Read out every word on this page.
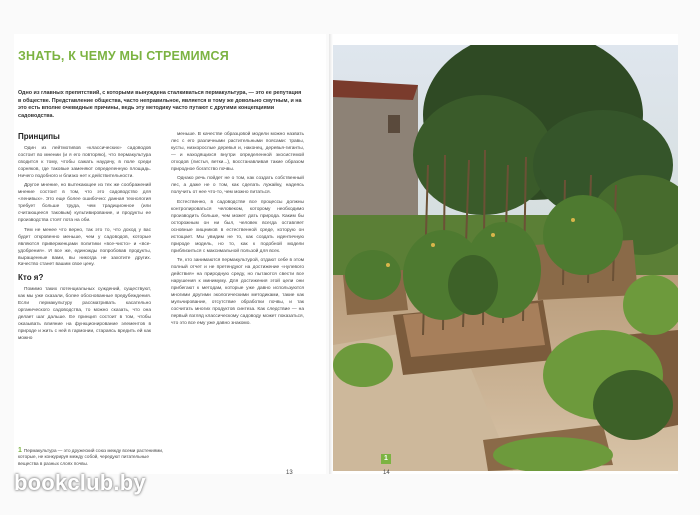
ЗНАТЬ, К ЧЕМУ МЫ СТРЕМИМСЯ
Одно из главных препятствий, с которыми вынуждена сталкиваться пермакультура, — это ее репутация в обществе. Представление общества, часто неправильное, является в тому же довольно смутным, и на это есть вполне очевидные причины, ведь эту методику часто путают с другими концепциями садоводства.
Принципы

Один из лейтмотивов «классических» садоводов состоит во мнении (и я его повторяю), что пермакультура сводится к тому, чтобы сажать наудачу, в поле среди сорняков, где таковые заменяют определенную площадь. Ничего подобного и близко нет к действительности.

Другое мнение, но вытекающее из тех же соображений мнение состоит в том, что это садоводство для «ленивых». Это еще более ошибочно: данная технология требует больше труда, чем традиционное (или считающееся таковым) культивирование, и продукты ее производства стоят пота на оби.

Тем не менее что верно, так это то, что доход у вас будет откровенно меньше, чем у садоводов, которые являются приверженцами политики «все-чисто» и «все-удобрения». И все же, единожды попробовав продукты, выращенные вами, вы никогда не захотите других. Качество станет вашим свое цену.

Кто я?

Помимо таких потенциальных суждений, существуют, как мы уже сказали, более обоснованные предубеждения. Если пермакультуру рассматривать касательно органического садоводства, то можно сказать, что она делает шаг дальше. Ее принцип состоит в том, чтобы оказывать влияние на функционирование элементов в природе и жить с ней в гармонии, стараясь вредить ей как можно

меньше. В качестве образцовой модели можно назвать лес с его различными растительными поясами: травы, кусты, низкорослые деревья и, наконец, деревья-гиганты, — и находящихся внутри определенной экосистемой отходов (листья, ветки...), восстанавливая такие образом природное богатство почвы.

Однако речь пойдет не о том, как создать собственный лес, а даже не о том, как сделать лужайку, надеясь получить от нее что-то, чем можно питаться.

Естественно, в садоводстве все процессы должны контролироваться человеком, которому необходимо производить больше, чем может дать природа. Каким бы осторожным он ни был, человек всегда оставляет основные хищников в естественной среде, которую он истощает. Мы увидим не то, как создать идентичную природе модель, но то, как к подобной модели приблизиться с максимальной пользой для всех.

Те, кто занимаются пермакультурой, отдают себе в этом полный отчет и не претендуют на достижение «нулевого действия» на природную среду, но пытаются свести все нарушения к минимуму. Для достижения этой цели они прибегают к методам, которые уже давно используются многими другими экологическими методиками, такие как мульчирование, отсутствие обработки почвы, и так сосчитать многих продуктов синтеза. Как следствие — на первый взгляд классическому садоводу может показаться, что это все ему уже давно знакомо.

1 Пермакультура — это дружеский союз между всеми растениями, которые, не конкурируя между собой, чередуют питательные вещества в разных слоях почвы.
1
13	14
bookclub.by
